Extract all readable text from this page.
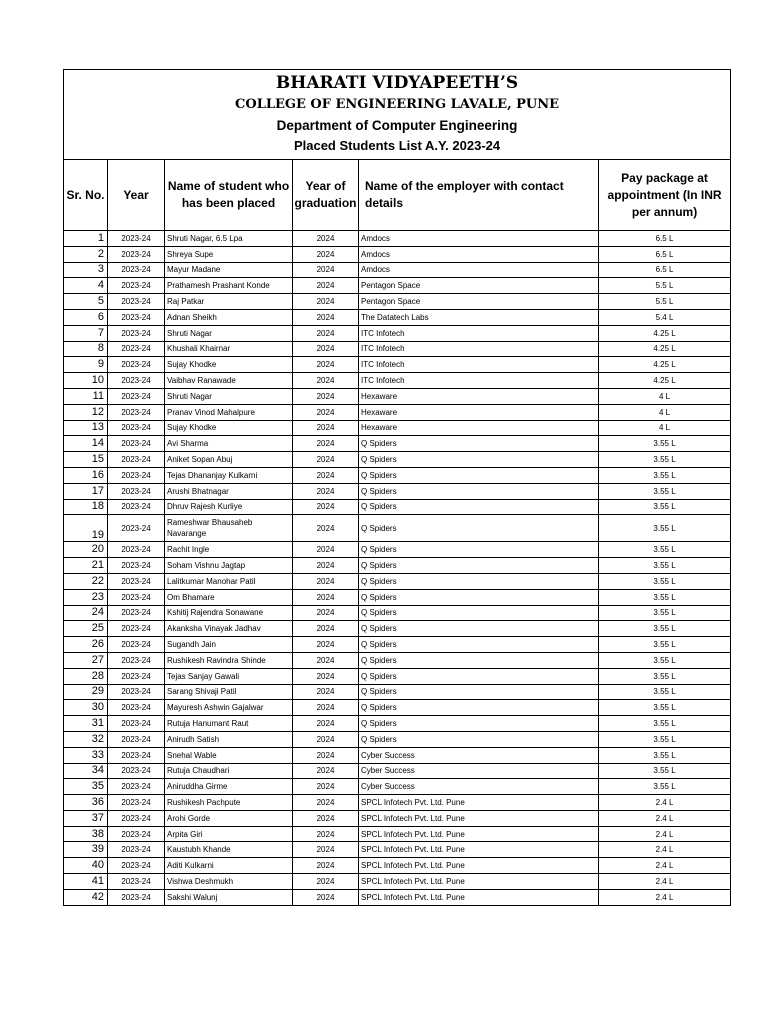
BHARATI VIDYAPEETH’S
COLLEGE OF ENGINEERING LAVALE, PUNE
Department of Computer Engineering
Placed Students List A.Y. 2023-24					

Sr. No.	Year	Name of student who has been placed	Year of graduation	Name of the employer with contact details	Pay package at appointment (In INR per annum)
1	2023-24	Shruti Nagar, 6.5 Lpa	2024	Amdocs	6.5 L
2	2023-24	Shreya Supe	2024	Amdocs	6.5 L
3	2023-24	Mayur Madane	2024	Amdocs	6.5 L
4	2023-24	Prathamesh Prashant Konde	2024	Pentagon Space	5.5 L
5	2023-24	Raj Patkar	2024	Pentagon Space	5.5 L
6	2023-24	Adnan Sheikh	2024	The Datatech Labs	5.4 L
7	2023-24	Shruti Nagar	2024	ITC Infotech	4.25 L
8	2023-24	Khushali Khairnar	2024	ITC Infotech	4.25 L
9	2023-24	Sujay Khodke	2024	ITC Infotech	4.25 L
10	2023-24	Vaibhav Ranawade	2024	ITC Infotech	4.25 L
11	2023-24	Shruti Nagar	2024	Hexaware	4 L
12	2023-24	Pranav Vinod Mahalpure	2024	Hexaware	4 L
13	2023-24	Sujay Khodke	2024	Hexaware	4 L
14	2023-24	Avi Sharma	2024	Q Spiders	3.55 L
15	2023-24	Aniket Sopan Abuj	2024	Q Spiders	3.55 L
16	2023-24	Tejas Dhananjay Kulkarni	2024	Q Spiders	3.55 L
17	2023-24	Arushi Bhatnagar	2024	Q Spiders	3.55 L
18	2023-24	Dhruv Rajesh Kurliye	2024	Q Spiders	3.55 L
19	2023-24	Rameshwar Bhausaheb Navarange	2024	Q Spiders	3.55 L
20	2023-24	Rachit Ingle	2024	Q Spiders	3.55 L
21	2023-24	Soham Vishnu Jagtap	2024	Q Spiders	3.55 L
22	2023-24	Lalitkumar Manohar Patil	2024	Q Spiders	3.55 L
23	2023-24	Om Bhamare	2024	Q Spiders	3.55 L
24	2023-24	Kshitij Rajendra Sonawane	2024	Q Spiders	3.55 L
25	2023-24	Akanksha Vinayak Jadhav	2024	Q Spiders	3.55 L
26	2023-24	Sugandh Jain	2024	Q Spiders	3.55 L
27	2023-24	Rushikesh Ravindra Shinde	2024	Q Spiders	3.55 L
28	2023-24	Tejas Sanjay Gawali	2024	Q Spiders	3.55 L
29	2023-24	Sarang Shivaji Patil	2024	Q Spiders	3.55 L
30	2023-24	Mayuresh Ashwin Gajalwar	2024	Q Spiders	3.55 L
31	2023-24	Rutuja Hanumant Raut	2024	Q Spiders	3.55 L
32	2023-24	Anirudh Satish	2024	Q Spiders	3.55 L
33	2023-24	Snehal Wable	2024	Cyber Success	3.55 L
34	2023-24	Rutuja Chaudhari	2024	Cyber Success	3.55 L
35	2023-24	Aniruddha Girme	2024	Cyber Success	3.55 L
36	2023-24	Rushikesh Pachpute	2024	SPCL Infotech Pvt. Ltd. Pune	2.4 L
37	2023-24	Arohi Gorde	2024	SPCL Infotech Pvt. Ltd. Pune	2.4 L
38	2023-24	Arpita Giri	2024	SPCL Infotech Pvt. Ltd. Pune	2.4 L
39	2023-24	Kaustubh Khande	2024	SPCL Infotech Pvt. Ltd. Pune	2.4 L
40	2023-24	Aditi Kulkarni	2024	SPCL Infotech Pvt. Ltd. Pune	2.4 L
41	2023-24	Vishwa Deshmukh	2024	SPCL Infotech Pvt. Ltd. Pune	2.4 L
42	2023-24	Sakshi Walunj	2024	SPCL Infotech Pvt. Ltd. Pune	2.4 L
